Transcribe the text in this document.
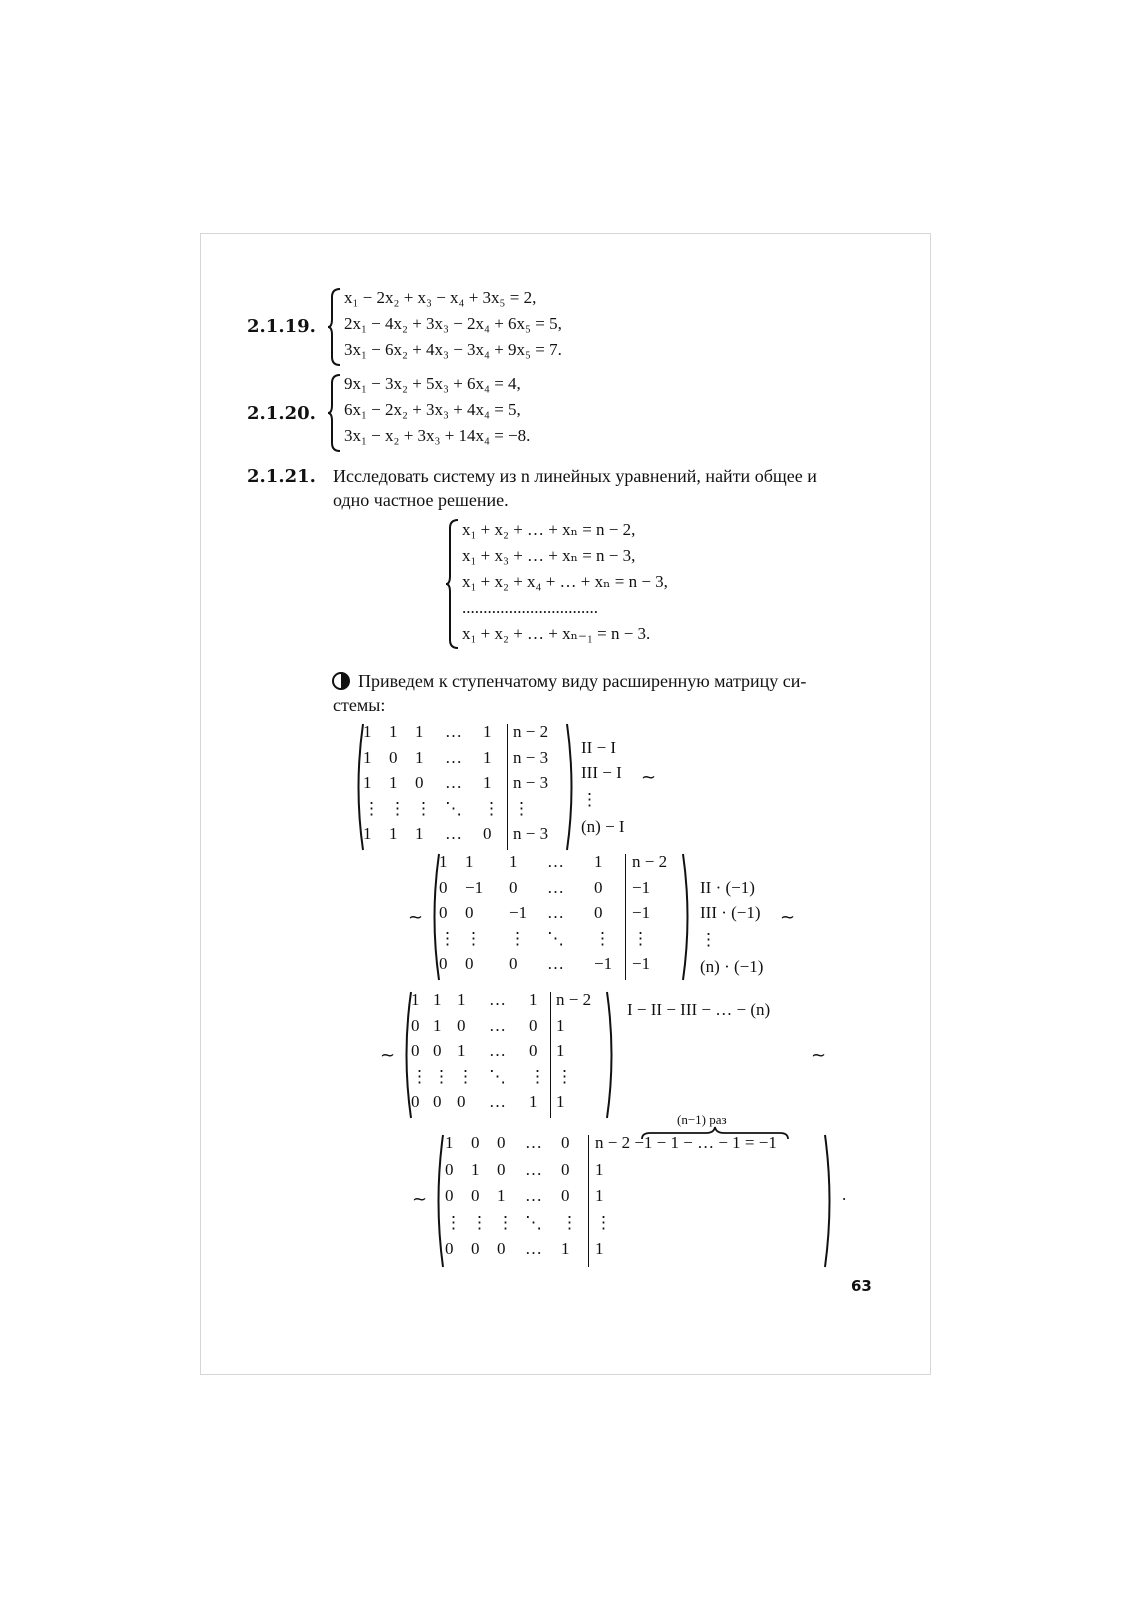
2.1.19.
x₁ − 2x₂ + x₃ − x₄ + 3x₅ = 2,
2x₁ − 4x₂ + 3x₃ − 2x₄ + 6x₅ = 5,
3x₁ − 6x₂ + 4x₃ − 3x₄ + 9x₅ = 7.
2.1.20.
9x₁ − 3x₂ + 5x₃ + 6x₄ = 4,
6x₁ − 2x₂ + 3x₃ + 4x₄ = 5,
3x₁ − x₂ + 3x₃ + 14x₄ = −8.
2.1.21. Исследовать систему из n линейных уравнений, найти общее и
одно частное решение.
x₁ + x₂ + … + xₙ = n − 2,
x₁ + x₃ + … + xₙ = n − 3,
x₁ + x₂ + x₄ + … + xₙ = n − 3,
................................
x₁ + x₂ + … + xₙ₋₁ = n − 3.
Приведем к ступенчатому виду расширенную матрицу си-
стемы:
1 1 1 … 1 n − 2
1 0 1 … 1 n − 3
1 1 0 … 1 n − 3
⋮ ⋮ ⋮ ⋱ ⋮ ⋮
1 1 1 … 0 n − 3
II − I
III − I
⋮
(n) − I
~
~
1 1 1 … 1 n − 2
0 −1 0 … 0 −1
0 0 −1 … 0 −1
⋮ ⋮ ⋮ ⋱ ⋮ ⋮
0 0 0 … −1 −1
II · (−1)
III · (−1)
⋮
(n) · (−1)
~
~
1 1 1 … 1 n − 2
0 1 0 … 0 1
0 0 1 … 0 1
⋮ ⋮ ⋮ ⋱ ⋮ ⋮
0 0 0 … 1 1
I − II − III − … − (n)
~
(n−1) раз
~
1 0 0 … 0 n − 2 −1 − 1 − … − 1 = −1
0 1 0 … 0 1
0 0 1 … 0 1
⋮ ⋮ ⋮ ⋱ ⋮ ⋮
0 0 0 … 1 1
.
63
